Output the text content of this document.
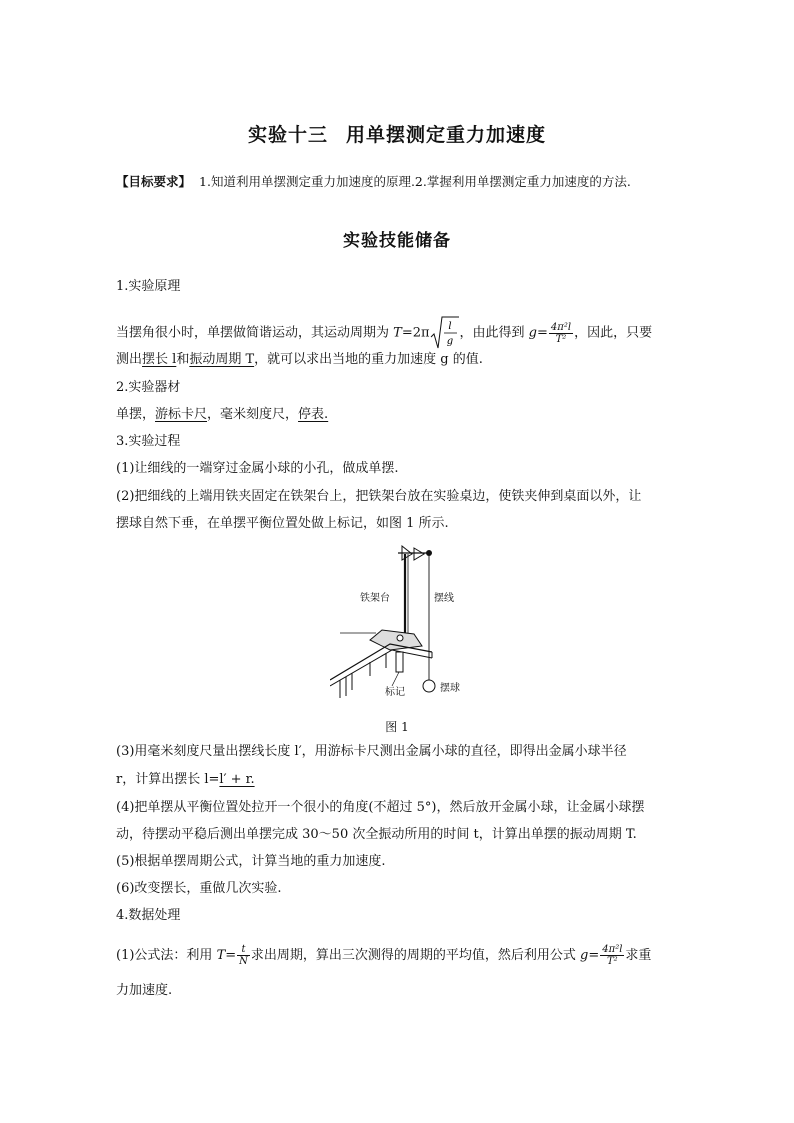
实验十三 用单摆测定重力加速度
【目标要求】 1.知道利用单摆测定重力加速度的原理.2.掌握利用单摆测定重力加速度的方法.
实验技能储备
1.实验原理
当摆角很小时，单摆做简谐运动，其运动周期为 T=2π l
g
，由此得到 $g= \frac{\text{4π²l}}{\text{T²}}$ ，因此，只要
测出摆长 l和振动周期 T，就可以求出当地的重力加速度 g 的值.
2.实验器材
单摆，游标卡尺，毫米刻度尺，停表.
3.实验过程
(1)让细线的一端穿过金属小球的小孔，做成单摆.
(2)把细线的上端用铁夹固定在铁架台上，把铁架台放在实验桌边，使铁夹伸到桌面以外，让
摆球自然下垂，在单摆平衡位置处做上标记，如图 1 所示.
铁架台	摆线
标记	摆球
图 1
(3)用毫米刻度尺量出摆线长度 l′，用游标卡尺测出金属小球的直径，即得出金属小球半径
r，计算出摆长 l=l′ + r.
(4)把单摆从平衡位置处拉开一个很小的角度(不超过 5°)，然后放开金属小球，让金属小球摆
动，待摆动平稳后测出单摆完成 30～50 次全振动所用的时间 t，计算出单摆的振动周期 T.
(5)根据单摆周期公式，计算当地的重力加速度.
(6)改变摆长，重做几次实验.
4.数据处理
(1)公式法：利用 $T= \frac{t}{N}$ 求出周期，算出三次测得的周期的平均值，然后利用公式 $g= \frac{\text{4π²l}}{\text{T²}}$ 求重
力加速度.
